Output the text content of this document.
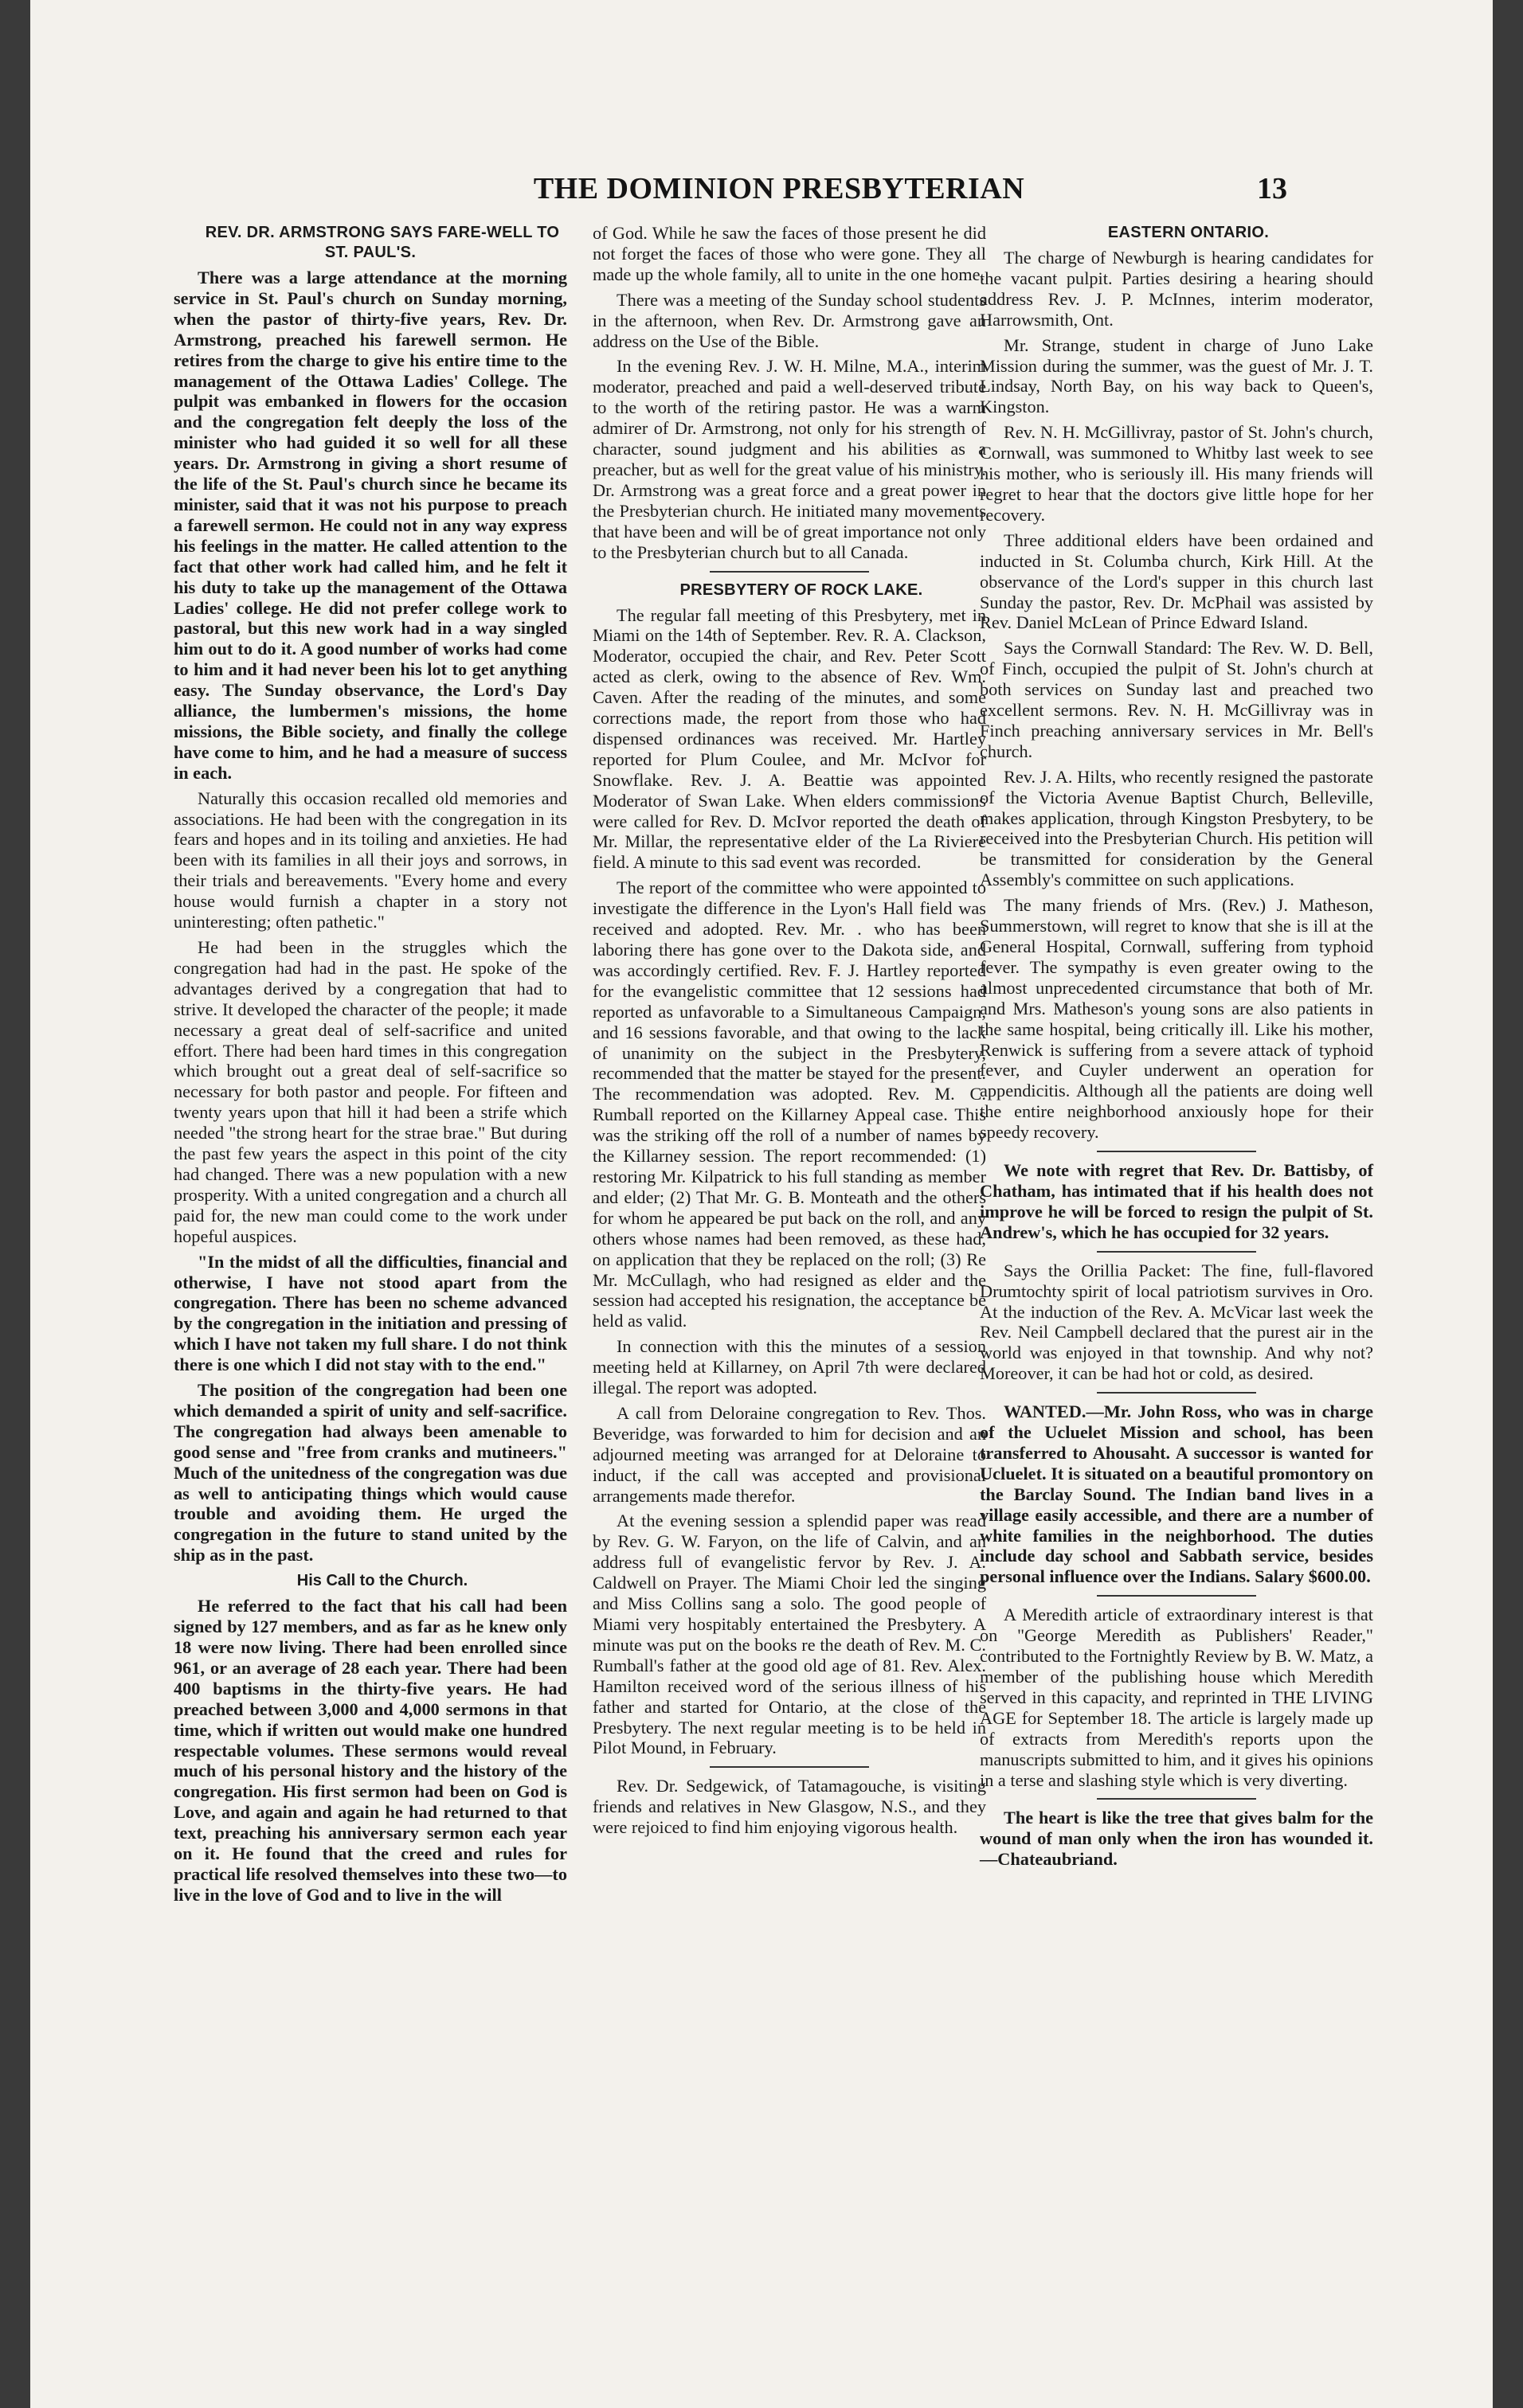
THE DOMINION PRESBYTERIAN	13

REV. DR. ARMSTRONG SAYS FARE-WELL TO ST. PAUL'S.

There was a large attendance at the morning service in St. Paul's church on Sunday morning, when the pastor of thirty-five years, Rev. Dr. Armstrong, preached his farewell sermon. He retires from the charge to give his entire time to the management of the Ottawa Ladies' College. The pulpit was embanked in flowers for the occasion and the congregation felt deeply the loss of the minister who had guided it so well for all these years. Dr. Armstrong in giving a short resume of the life of the St. Paul's church since he became its minister, said that it was not his purpose to preach a farewell sermon. He could not in any way express his feelings in the matter. He called attention to the fact that other work had called him, and he felt it his duty to take up the management of the Ottawa Ladies' college. He did not prefer college work to pastoral, but this new work had in a way singled him out to do it. A good number of works had come to him and it had never been his lot to get anything easy. The Sunday observance, the Lord's Day alliance, the lumbermen's missions, the home missions, the Bible society, and finally the college have come to him, and he had a measure of success in each.

Naturally this occasion recalled old memories and associations. He had been with the congregation in its fears and hopes and in its toiling and anxieties. He had been with its families in all their joys and sorrows, in their trials and bereavements. "Every home and every house would furnish a chapter in a story not uninteresting; often pathetic."

He had been in the struggles which the congregation had had in the past. He spoke of the advantages derived by a congregation that had to strive. It developed the character of the people; it made necessary a great deal of self-sacrifice and united effort. There had been hard times in this congregation which brought out a great deal of self-sacrifice so necessary for both pastor and people. For fifteen and twenty years upon that hill it had been a strife which needed "the strong heart for the strae brae." But during the past few years the aspect in this point of the city had changed. There was a new population with a new prosperity. With a united congregation and a church all paid for, the new man could come to the work under hopeful auspices.

"In the midst of all the difficulties, financial and otherwise, I have not stood apart from the congregation. There has been no scheme advanced by the congregation in the initiation and pressing of which I have not taken my full share. I do not think there is one which I did not stay with to the end."

The position of the congregation had been one which demanded a spirit of unity and self-sacrifice. The congregation had always been amenable to good sense and "free from cranks and mutineers." Much of the unitedness of the congregation was due as well to anticipating things which would cause trouble and avoiding them. He urged the congregation in the future to stand united by the ship as in the past.

His Call to the Church.

He referred to the fact that his call had been signed by 127 members, and as far as he knew only 18 were now living. There had been enrolled since 961, or an average of 28 each year. There had been 400 baptisms in the thirty-five years. He had preached between 3,000 and 4,000 sermons in that time, which if written out would make one hundred respectable volumes. These sermons would reveal much of his personal history and the history of the congregation. His first sermon had been on God is Love, and again and again he had returned to that text, preaching his anniversary sermon each year on it. He found that the creed and rules for practical life resolved themselves into these two—to live in the love of God and to live in the will

of God. While he saw the faces of those present he did not forget the faces of those who were gone. They all made up the whole family, all to unite in the one home.

There was a meeting of the Sunday school students in the afternoon, when Rev. Dr. Armstrong gave an address on the Use of the Bible.

In the evening Rev. J. W. H. Milne, M.A., interim moderator, preached and paid a well-deserved tribute to the worth of the retiring pastor. He was a warm admirer of Dr. Armstrong, not only for his strength of character, sound judgment and his abilities as a preacher, but as well for the great value of his ministry. Dr. Armstrong was a great force and a great power in the Presbyterian church. He initiated many movements that have been and will be of great importance not only to the Presbyterian church but to all Canada.

PRESBYTERY OF ROCK LAKE.

The regular fall meeting of this Presbytery, met in Miami on the 14th of September. Rev. R. A. Clackson, Moderator, occupied the chair, and Rev. Peter Scott acted as clerk, owing to the absence of Rev. Wm. Caven. After the reading of the minutes, and some corrections made, the report from those who had dispensed ordinances was received. Mr. Hartley reported for Plum Coulee, and Mr. McIvor for Snowflake. Rev. J. A. Beattie was appointed Moderator of Swan Lake. When elders commissions were called for Rev. D. McIvor reported the death of Mr. Millar, the representative elder of the La Riviere field. A minute to this sad event was recorded.

The report of the committee who were appointed to investigate the difference in the Lyon's Hall field was received and adopted. Rev. Mr. . who has been laboring there has gone over to the Dakota side, and was accordingly certified. Rev. F. J. Hartley reported for the evangelistic committee that 12 sessions had reported as unfavorable to a Simultaneous Campaign, and 16 sessions favorable, and that owing to the lack of unanimity on the subject in the Presbytery, recommended that the matter be stayed for the present. The recommendation was adopted. Rev. M. C. Rumball reported on the Killarney Appeal case. This was the striking off the roll of a number of names by the Killarney session. The report recommended: (1) restoring Mr. Kilpatrick to his full standing as member and elder; (2) That Mr. G. B. Monteath and the others for whom he appeared be put back on the roll, and any others whose names had been removed, as these had, on application that they be replaced on the roll; (3) Re Mr. McCullagh, who had resigned as elder and the session had accepted his resignation, the acceptance be held as valid.

In connection with this the minutes of a session meeting held at Killarney, on April 7th were declared illegal. The report was adopted.

A call from Deloraine congregation to Rev. Thos. Beveridge, was forwarded to him for decision and an adjourned meeting was arranged for at Deloraine to induct, if the call was accepted and provisional arrangements made therefor.

At the evening session a splendid paper was read by Rev. G. W. Faryon, on the life of Calvin, and an address full of evangelistic fervor by Rev. J. A. Caldwell on Prayer. The Miami Choir led the singing and Miss Collins sang a solo. The good people of Miami very hospitably entertained the Presbytery. A minute was put on the books re the death of Rev. M. C. Rumball's father at the good old age of 81. Rev. Alex. Hamilton received word of the serious illness of his father and started for Ontario, at the close of the Presbytery. The next regular meeting is to be held in Pilot Mound, in February.

Rev. Dr. Sedgewick, of Tatamagouche, is visiting friends and relatives in New Glasgow, N.S., and they were rejoiced to find him enjoying vigorous health.

EASTERN ONTARIO.

The charge of Newburgh is hearing candidates for the vacant pulpit. Parties desiring a hearing should address Rev. J. P. McInnes, interim moderator, Harrowsmith, Ont.

Mr. Strange, student in charge of Juno Lake Mission during the summer, was the guest of Mr. J. T. Lindsay, North Bay, on his way back to Queen's, Kingston.

Rev. N. H. McGillivray, pastor of St. John's church, Cornwall, was summoned to Whitby last week to see his mother, who is seriously ill. His many friends will regret to hear that the doctors give little hope for her recovery.

Three additional elders have been ordained and inducted in St. Columba church, Kirk Hill. At the observance of the Lord's supper in this church last Sunday the pastor, Rev. Dr. McPhail was assisted by Rev. Daniel McLean of Prince Edward Island.

Says the Cornwall Standard: The Rev. W. D. Bell, of Finch, occupied the pulpit of St. John's church at both services on Sunday last and preached two excellent sermons. Rev. N. H. McGillivray was in Finch preaching anniversary services in Mr. Bell's church.

Rev. J. A. Hilts, who recently resigned the pastorate of the Victoria Avenue Baptist Church, Belleville, makes application, through Kingston Presbytery, to be received into the Presbyterian Church. His petition will be transmitted for consideration by the General Assembly's committee on such applications.

The many friends of Mrs. (Rev.) J. Matheson, Summerstown, will regret to know that she is ill at the General Hospital, Cornwall, suffering from typhoid fever. The sympathy is even greater owing to the almost unprecedented circumstance that both of Mr. and Mrs. Matheson's young sons are also patients in the same hospital, being critically ill. Like his mother, Renwick is suffering from a severe attack of typhoid fever, and Cuyler underwent an operation for appendicitis. Although all the patients are doing well the entire neighborhood anxiously hope for their speedy recovery.

We note with regret that Rev. Dr. Battisby, of Chatham, has intimated that if his health does not improve he will be forced to resign the pulpit of St. Andrew's, which he has occupied for 32 years.

Says the Orillia Packet: The fine, full-flavored Drumtochty spirit of local patriotism survives in Oro. At the induction of the Rev. A. McVicar last week the Rev. Neil Campbell declared that the purest air in the world was enjoyed in that township. And why not? Moreover, it can be had hot or cold, as desired.

WANTED.—Mr. John Ross, who was in charge of the Ucluelet Mission and school, has been transferred to Ahousaht. A successor is wanted for Ucluelet. It is situated on a beautiful promontory on the Barclay Sound. The Indian band lives in a village easily accessible, and there are a number of white families in the neighborhood. The duties include day school and Sabbath service, besides personal influence over the Indians. Salary $600.00.

A Meredith article of extraordinary interest is that on "George Meredith as Publishers' Reader," contributed to the Fortnightly Review by B. W. Matz, a member of the publishing house which Meredith served in this capacity, and reprinted in THE LIVING AGE for September 18. The article is largely made up of extracts from Meredith's reports upon the manuscripts submitted to him, and it gives his opinions in a terse and slashing style which is very diverting.

The heart is like the tree that gives balm for the wound of man only when the iron has wounded it.—Chateaubriand.
